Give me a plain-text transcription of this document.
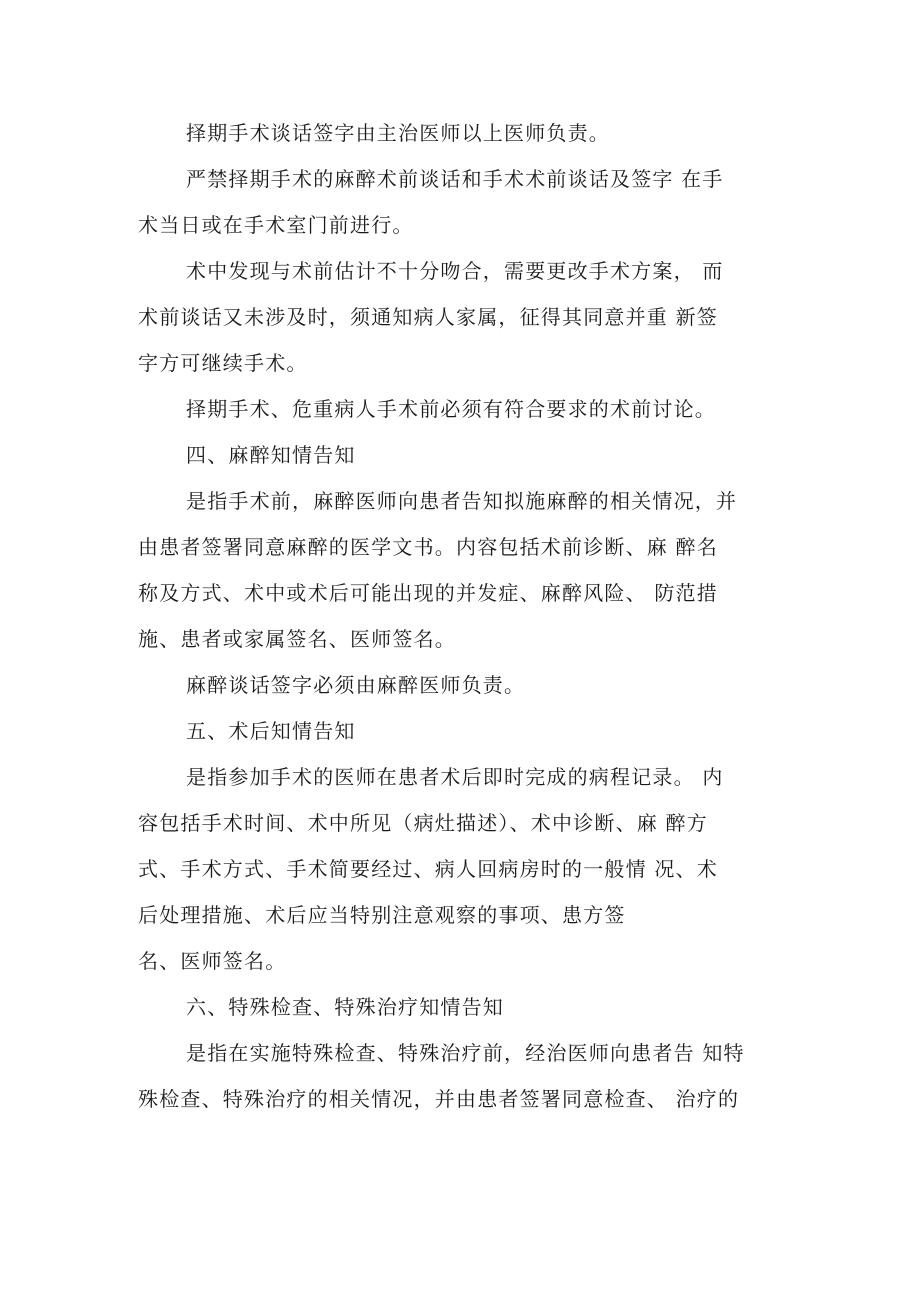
择期手术谈话签字由主治医师以上医师负责。
严禁择期手术的麻醉术前谈话和手术术前谈话及签字 在手
术当日或在手术室门前进行。
术中发现与术前估计不十分吻合，需要更改手术方案， 而
术前谈话又未涉及时，须通知病人家属，征得其同意并重 新签
字方可继续手术。
择期手术、危重病人手术前必须有符合要求的术前讨论。
四、麻醉知情告知
是指手术前，麻醉医师向患者告知拟施麻醉的相关情况，并
由患者签署同意麻醉的医学文书。内容包括术前诊断、麻 醉名
称及方式、术中或术后可能出现的并发症、麻醉风险、 防范措
施、患者或家属签名、医师签名。
麻醉谈话签字必须由麻醉医师负责。
五、术后知情告知
是指参加手术的医师在患者术后即时完成的病程记录。 内
容包括手术时间、术中所见（病灶描述）、术中诊断、麻 醉方
式、手术方式、手术简要经过、病人回病房时的一般情 况、术
后处理措施、术后应当特别注意观察的事项、患方签
名、医师签名。
六、特殊检查、特殊治疗知情告知
是指在实施特殊检查、特殊治疗前，经治医师向患者告 知特
殊检查、特殊治疗的相关情况，并由患者签署同意检查、 治疗的
